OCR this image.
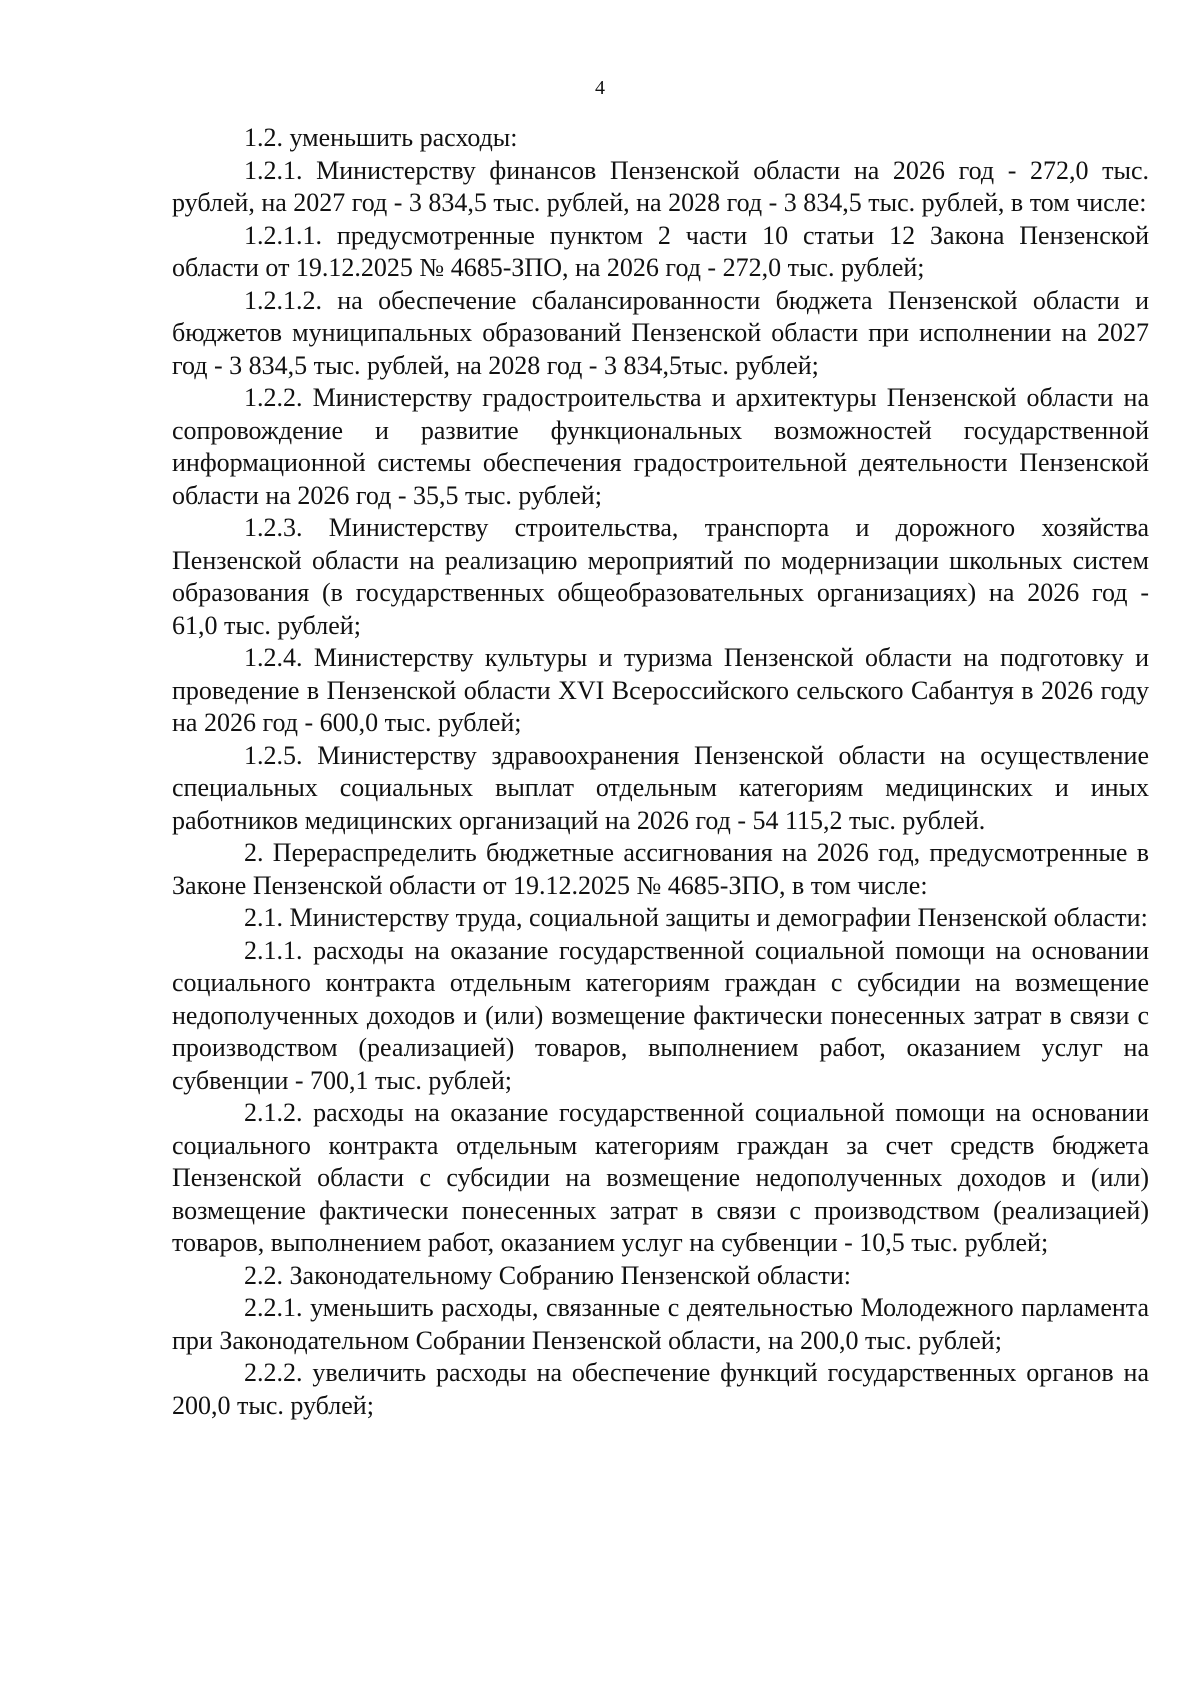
4

1.2. уменьшить расходы:

1.2.1. Министерству финансов Пензенской области на 2026 год - 272,0 тыс. рублей, на 2027 год - 3 834,5 тыс. рублей, на 2028 год - 3 834,5 тыс. рублей, в том числе:

1.2.1.1. предусмотренные пунктом 2 части 10 статьи 12 Закона Пензенской области от 19.12.2025 № 4685-ЗПО, на 2026 год - 272,0 тыс. рублей;

1.2.1.2. на обеспечение сбалансированности бюджета Пензенской области и бюджетов муниципальных образований Пензенской области при исполнении на 2027 год - 3 834,5 тыс. рублей, на 2028 год - 3 834,5тыс. рублей;

1.2.2. Министерству градостроительства и архитектуры Пензенской области на сопровождение и развитие функциональных возможностей государственной информационной системы обеспечения градостроительной деятельности Пензенской области на 2026 год - 35,5 тыс. рублей;

1.2.3. Министерству строительства, транспорта и дорожного хозяйства Пензенской области на реализацию мероприятий по модернизации школьных систем образования (в государственных общеобразовательных организациях) на 2026 год - 61,0 тыс. рублей;

1.2.4. Министерству культуры и туризма Пензенской области на подготовку и проведение в Пензенской области XVI Всероссийского сельского Сабантуя в 2026 году на 2026 год - 600,0 тыс. рублей;

1.2.5. Министерству здравоохранения Пензенской области на осуществление специальных социальных выплат отдельным категориям медицинских и иных работников медицинских организаций на 2026 год - 54 115,2 тыс. рублей.

2. Перераспределить бюджетные ассигнования на 2026 год, предусмотренные в Законе Пензенской области от 19.12.2025 № 4685-ЗПО, в том числе:

2.1. Министерству труда, социальной защиты и демографии Пензенской области:

2.1.1. расходы на оказание государственной социальной помощи на основании социального контракта отдельным категориям граждан с субсидии на возмещение недополученных доходов и (или) возмещение фактически понесенных затрат в связи с производством (реализацией) товаров, выполнением работ, оказанием услуг на субвенции - 700,1 тыс. рублей;

2.1.2. расходы на оказание государственной социальной помощи на основании социального контракта отдельным категориям граждан за счет средств бюджета Пензенской области с субсидии на возмещение недополученных доходов и (или) возмещение фактически понесенных затрат в связи с производством (реализацией) товаров, выполнением работ, оказанием услуг на субвенции - 10,5 тыс. рублей;

2.2. Законодательному Собранию Пензенской области:

2.2.1. уменьшить расходы, связанные с деятельностью Молодежного парламента при Законодательном Собрании Пензенской области, на 200,0 тыс. рублей;

2.2.2. увеличить расходы на обеспечение функций государственных органов на 200,0 тыс. рублей;
